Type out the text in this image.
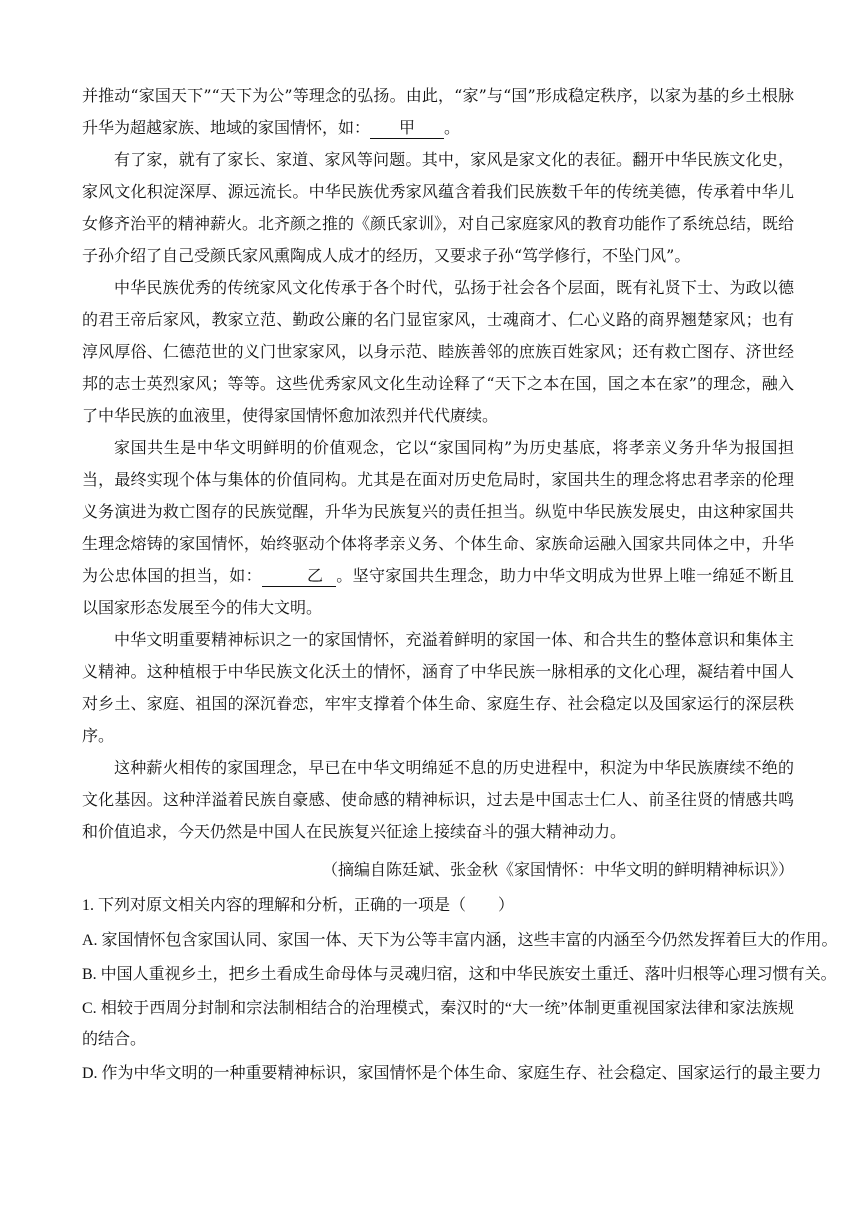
并推动“家国天下”“天下为公”等理念的弘扬。由此，“家”与“国”形成稳定秩序，以家为基的乡土根脉升华为超越家族、地域的家国情怀，如： 甲 。

有了家，就有了家长、家道、家风等问题。其中，家风是家文化的表征。翻开中华民族文化史，家风文化积淀深厚、源远流长。中华民族优秀家风蕴含着我们民族数千年的传统美德，传承着中华儿女修齐治平的精神薪火。北齐颜之推的《颜氏家训》，对自己家庭家风的教育功能作了系统总结，既给子孙介绍了自己受颜氏家风熏陶成人成才的经历，又要求子孙“笃学修行，不坠门风”。

中华民族优秀的传统家风文化传承于各个时代，弘扬于社会各个层面，既有礼贤下士、为政以德的君王帝后家风，教家立范、勤政公廉的名门显宦家风，士魂商才、仁心义路的商界翘楚家风；也有淳风厚俗、仁德范世的义门世家家风，以身示范、睦族善邻的庶族百姓家风；还有救亡图存、济世经邦的志士英烈家风；等等。这些优秀家风文化生动诠释了“天下之本在国，国之本在家”的理念，融入了中华民族的血液里，使得家国情怀愈加浓烈并代代赓续。

家国共生是中华文明鲜明的价值观念，它以“家国同构”为历史基底，将孝亲义务升华为报国担当，最终实现个体与集体的价值同构。尤其是在面对历史危局时，家国共生的理念将忠君孝亲的伦理义务演进为救亡图存的民族觉醒，升华为民族复兴的责任担当。纵览中华民族发展史，由这种家国共生理念熔铸的家国情怀，始终驱动个体将孝亲义务、个体生命、家族命运融入国家共同体之中，升华为公忠体国的担当，如：	乙 。坚守家国共生理念，助力中华文明成为世界上唯一绵延不断且以国家形态发展至今的伟大文明。

中华文明重要精神标识之一的家国情怀，充溢着鲜明的家国一体、和合共生的整体意识和集体主义精神。这种植根于中华民族文化沃土的情怀，涵育了中华民族一脉相承的文化心理，凝结着中国人对乡土、家庭、祖国的深沉眷恋，牢牢支撑着个体生命、家庭生存、社会稳定以及国家运行的深层秩序。

这种薪火相传的家国理念，早已在中华文明绵延不息的历史进程中，积淀为中华民族赓续不绝的文化基因。这种洋溢着民族自豪感、使命感的精神标识，过去是中国志士仁人、前圣往贤的情感共鸣和价值追求，今天仍然是中国人在民族复兴征途上接续奋斗的强大精神动力。

（摘编自陈廷斌、张金秋《家国情怀：中华文明的鲜明精神标识》）

1. 下列对原文相关内容的理解和分析，正确的一项是（　　）

A. 家国情怀包含家国认同、家国一体、天下为公等丰富内涵，这些丰富的内涵至今仍然发挥着巨大的作用。

B. 中国人重视乡土，把乡土看成生命母体与灵魂归宿，这和中华民族安土重迁、落叶归根等心理习惯有关。

C. 相较于西周分封制和宗法制相结合的治理模式，秦汉时的“大一统”体制更重视国家法律和家法族规的结合。

D. 作为中华文明的一种重要精神标识，家国情怀是个体生命、家庭生存、社会稳定、国家运行的最主要力
